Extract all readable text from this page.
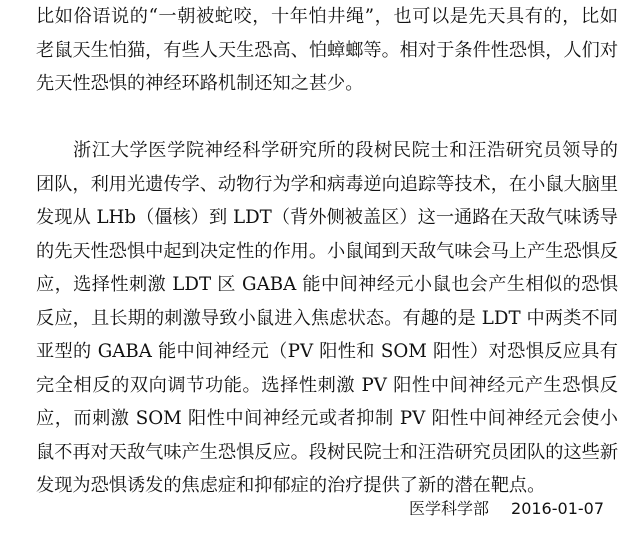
比如俗语说的“一朝被蛇咬，十年怕井绳”，也可以是先天具有的，比如老鼠天生怕猫，有些人天生恐高、怕蟑螂等。相对于条件性恐惧，人们对先天性恐惧的神经环路机制还知之甚少。

浙江大学医学院神经科学研究所的段树民院士和汪浩研究员领导的团队，利用光遗传学、动物行为学和病毒逆向追踪等技术，在小鼠大脑里发现从 LHb（僵核）到 LDT（背外侧被盖区）这一通路在天敌气味诱导的先天性恐惧中起到决定性的作用。小鼠闻到天敌气味会马上产生恐惧反应，选择性刺激 LDT 区 GABA 能中间神经元小鼠也会产生相似的恐惧反应，且长期的刺激导致小鼠进入焦虑状态。有趣的是 LDT 中两类不同亚型的 GABA 能中间神经元（PV 阳性和 SOM 阳性）对恐惧反应具有完全相反的双向调节功能。选择性刺激 PV 阳性中间神经元产生恐惧反应，而刺激 SOM 阳性中间神经元或者抑制 PV 阳性中间神经元会使小鼠不再对天敌气味产生恐惧反应。段树民院士和汪浩研究员团队的这些新发现为恐惧诱发的焦虑症和抑郁症的治疗提供了新的潜在靶点。

医学科学部 2016-01-07
